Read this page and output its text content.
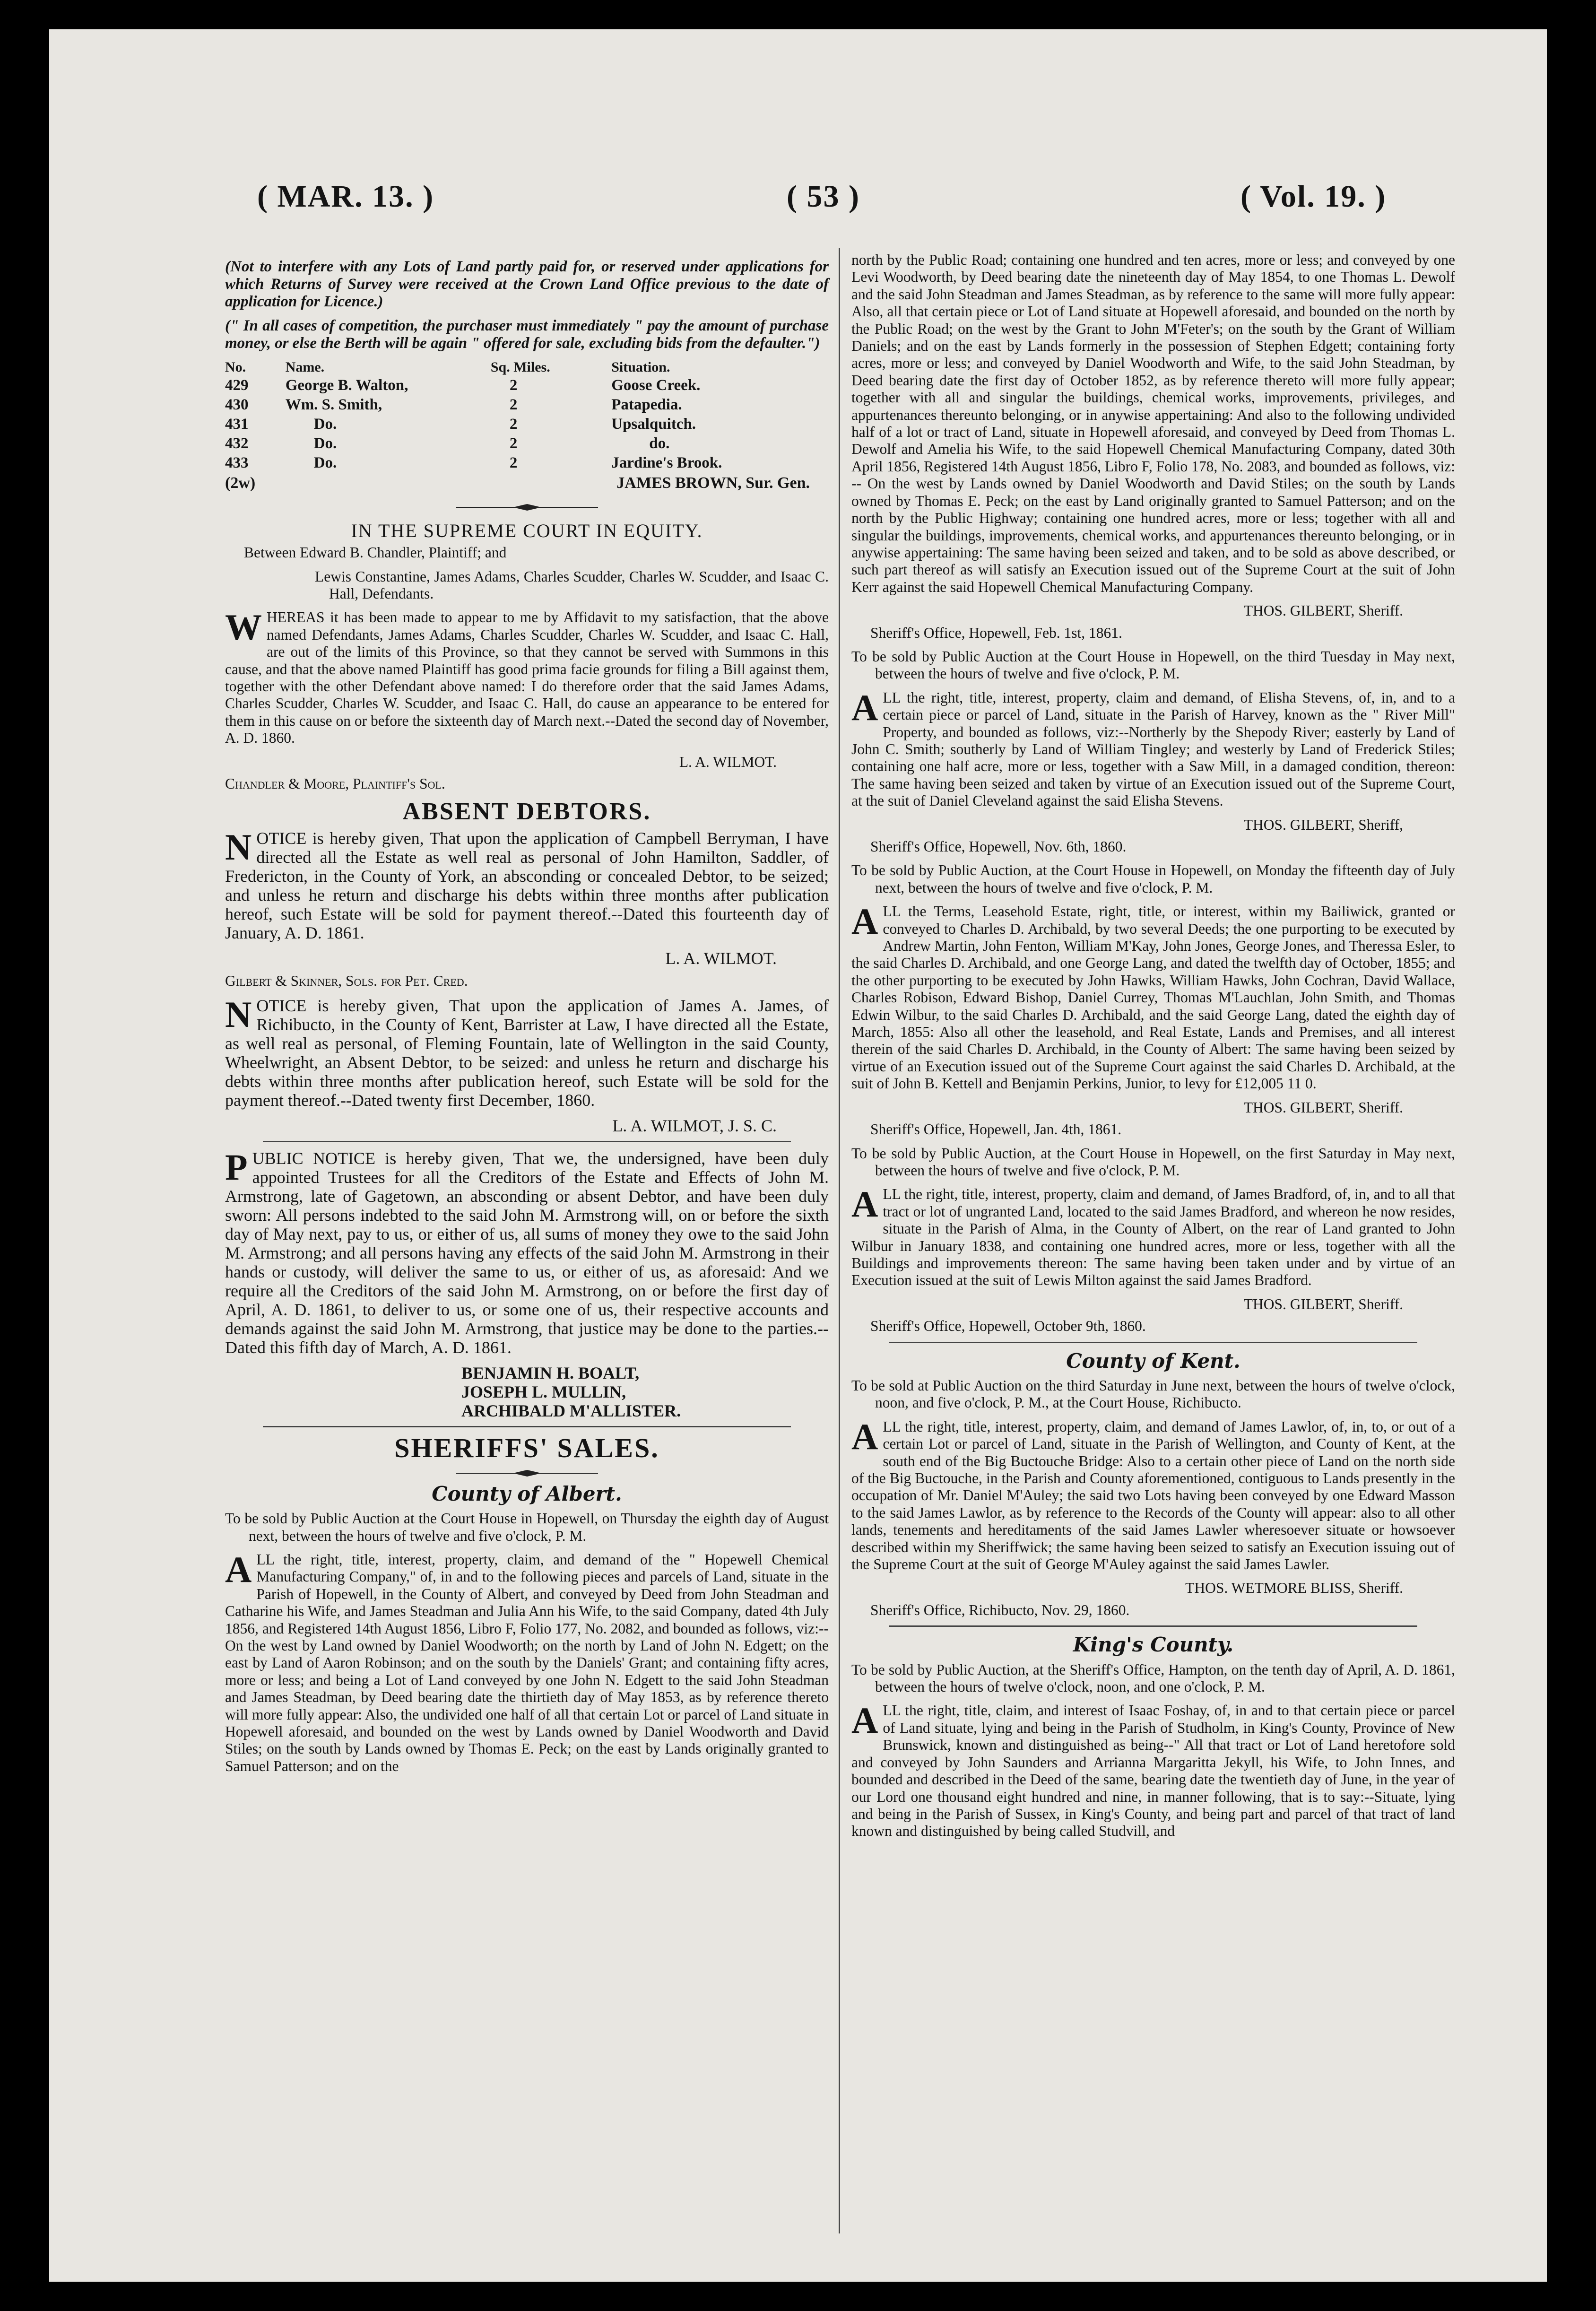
( MAR. 13. )	( 53 )	( Vol. 19. )

(Not to interfere with any Lots of Land partly paid for, or reserved under applications for which Returns of Survey were received at the Crown Land Office previous to the date of application for Licence.)

(" In all cases of competition, the purchaser must immediately " pay the amount of purchase money, or else the Berth will be again " offered for sale, excluding bids from the defaulter.")

No.	Name.	Sq. Miles.	Situation.
429	George B. Walton,	2	Goose Creek.
430	Wm. S. Smith,	2	Patapedia.
431	Do.	2	Upsalquitch.
432	Do.	2	do.
433	Do.	2	Jardine's Brook.

(2w)	JAMES BROWN, Sur. Gen.

IN THE SUPREME COURT IN EQUITY.

Between Edward B. Chandler, Plaintiff; and

Lewis Constantine, James Adams, Charles Scudder, Charles W. Scudder, and Isaac C. Hall, Defendants.

WHEREAS it has been made to appear to me by Affidavit to my satisfaction, that the above named Defendants, James Adams, Charles Scudder, Charles W. Scudder, and Isaac C. Hall, are out of the limits of this Province, so that they cannot be served with Summons in this cause, and that the above named Plaintiff has good prima facie grounds for filing a Bill against them, together with the other Defendant above named: I do therefore order that the said James Adams, Charles Scudder, Charles W. Scudder, and Isaac C. Hall, do cause an appearance to be entered for them in this cause on or before the sixteenth day of March next.--Dated the second day of November, A. D. 1860.

L. A. WILMOT.

Chandler & Moore, Plaintiff's Sol.

ABSENT DEBTORS.

NOTICE is hereby given, That upon the application of Campbell Berryman, I have directed all the Estate as well real as personal of John Hamilton, Saddler, of Fredericton, in the County of York, an absconding or concealed Debtor, to be seized; and unless he return and discharge his debts within three months after publication hereof, such Estate will be sold for payment thereof.--Dated this fourteenth day of January, A. D. 1861.

L. A. WILMOT.

Gilbert & Skinner, Sols. for Pet. Cred.

NOTICE is hereby given, That upon the application of James A. James, of Richibucto, in the County of Kent, Barrister at Law, I have directed all the Estate, as well real as personal, of Fleming Fountain, late of Wellington in the said County, Wheelwright, an Absent Debtor, to be seized: and unless he return and discharge his debts within three months after publication hereof, such Estate will be sold for the payment thereof.--Dated twenty first December, 1860.

L. A. WILMOT, J. S. C.

PUBLIC NOTICE is hereby given, That we, the undersigned, have been duly appointed Trustees for all the Creditors of the Estate and Effects of John M. Armstrong, late of Gagetown, an absconding or absent Debtor, and have been duly sworn: All persons indebted to the said John M. Armstrong will, on or before the sixth day of May next, pay to us, or either of us, all sums of money they owe to the said John M. Armstrong; and all persons having any effects of the said John M. Armstrong in their hands or custody, will deliver the same to us, or either of us, as aforesaid: And we require all the Creditors of the said John M. Armstrong, on or before the first day of April, A. D. 1861, to deliver to us, or some one of us, their respective accounts and demands against the said John M. Armstrong, that justice may be done to the parties.--Dated this fifth day of March, A. D. 1861.

BENJAMIN H. BOALT,
JOSEPH L. MULLIN,
ARCHIBALD M'ALLISTER.
SHERIFFS' SALES.
County of Albert.

To be sold by Public Auction at the Court House in Hopewell, on Thursday the eighth day of August next, between the hours of twelve and five o'clock, P. M.

ALL the right, title, interest, property, claim, and demand of the " Hopewell Chemical Manufacturing Company," of, in and to the following pieces and parcels of Land, situate in the Parish of Hopewell, in the County of Albert, and conveyed by Deed from John Steadman and Catharine his Wife, and James Steadman and Julia Ann his Wife, to the said Company, dated 4th July 1856, and Registered 14th August 1856, Libro F, Folio 177, No. 2082, and bounded as follows, viz:--On the west by Land owned by Daniel Woodworth; on the north by Land of John N. Edgett; on the east by Land of Aaron Robinson; and on the south by the Daniels' Grant; and containing fifty acres, more or less; and being a Lot of Land conveyed by one John N. Edgett to the said John Steadman and James Steadman, by Deed bearing date the thirtieth day of May 1853, as by reference thereto will more fully appear: Also, the undivided one half of all that certain Lot or parcel of Land situate in Hopewell aforesaid, and bounded on the west by Lands owned by Daniel Woodworth and David Stiles; on the south by Lands owned by Thomas E. Peck; on the east by Lands originally granted to Samuel Patterson; and on the

north by the Public Road; containing one hundred and ten acres, more or less; and conveyed by one Levi Woodworth, by Deed bearing date the nineteenth day of May 1854, to one Thomas L. Dewolf and the said John Steadman and James Steadman, as by reference to the same will more fully appear: Also, all that certain piece or Lot of Land situate at Hopewell aforesaid, and bounded on the north by the Public Road; on the west by the Grant to John M'Feter's; on the south by the Grant of William Daniels; and on the east by Lands formerly in the possession of Stephen Edgett; containing forty acres, more or less; and conveyed by Daniel Woodworth and Wife, to the said John Steadman, by Deed bearing date the first day of October 1852, as by reference thereto will more fully appear; together with all and singular the buildings, chemical works, improvements, privileges, and appurtenances thereunto belonging, or in anywise appertaining: And also to the following undivided half of a lot or tract of Land, situate in Hopewell aforesaid, and conveyed by Deed from Thomas L. Dewolf and Amelia his Wife, to the said Hopewell Chemical Manufacturing Company, dated 30th April 1856, Registered 14th August 1856, Libro F, Folio 178, No. 2083, and bounded as follows, viz: -- On the west by Lands owned by Daniel Woodworth and David Stiles; on the south by Lands owned by Thomas E. Peck; on the east by Land originally granted to Samuel Patterson; and on the north by the Public Highway; containing one hundred acres, more or less; together with all and singular the buildings, improvements, chemical works, and appurtenances thereunto belonging, or in anywise appertaining: The same having been seized and taken, and to be sold as above described, or such part thereof as will satisfy an Execution issued out of the Supreme Court at the suit of John Kerr against the said Hopewell Chemical Manufacturing Company.

THOS. GILBERT, Sheriff.

Sheriff's Office, Hopewell, Feb. 1st, 1861.

To be sold by Public Auction at the Court House in Hopewell, on the third Tuesday in May next, between the hours of twelve and five o'clock, P. M.

ALL the right, title, interest, property, claim and demand, of Elisha Stevens, of, in, and to a certain piece or parcel of Land, situate in the Parish of Harvey, known as the " River Mill" Property, and bounded as follows, viz:--Northerly by the Shepody River; easterly by Land of John C. Smith; southerly by Land of William Tingley; and westerly by Land of Frederick Stiles; containing one half acre, more or less, together with a Saw Mill, in a damaged condition, thereon: The same having been seized and taken by virtue of an Execution issued out of the Supreme Court, at the suit of Daniel Cleveland against the said Elisha Stevens.

THOS. GILBERT, Sheriff,

Sheriff's Office, Hopewell, Nov. 6th, 1860.

To be sold by Public Auction, at the Court House in Hopewell, on Monday the fifteenth day of July next, between the hours of twelve and five o'clock, P. M.

ALL the Terms, Leasehold Estate, right, title, or interest, within my Bailiwick, granted or conveyed to Charles D. Archibald, by two several Deeds; the one purporting to be executed by Andrew Martin, John Fenton, William M'Kay, John Jones, George Jones, and Theressa Esler, to the said Charles D. Archibald, and one George Lang, and dated the twelfth day of October, 1855; and the other purporting to be executed by John Hawks, William Hawks, John Cochran, David Wallace, Charles Robison, Edward Bishop, Daniel Currey, Thomas M'Lauchlan, John Smith, and Thomas Edwin Wilbur, to the said Charles D. Archibald, and the said George Lang, dated the eighth day of March, 1855: Also all other the leasehold, and Real Estate, Lands and Premises, and all interest therein of the said Charles D. Archibald, in the County of Albert: The same having been seized by virtue of an Execution issued out of the Supreme Court against the said Charles D. Archibald, at the suit of John B. Kettell and Benjamin Perkins, Junior, to levy for £12,005 11 0.

THOS. GILBERT, Sheriff.

Sheriff's Office, Hopewell, Jan. 4th, 1861.

To be sold by Public Auction, at the Court House in Hopewell, on the first Saturday in May next, between the hours of twelve and five o'clock, P. M.

ALL the right, title, interest, property, claim and demand, of James Bradford, of, in, and to all that tract or lot of ungranted Land, located to the said James Bradford, and whereon he now resides, situate in the Parish of Alma, in the County of Albert, on the rear of Land granted to John Wilbur in January 1838, and containing one hundred acres, more or less, together with all the Buildings and improvements thereon: The same having been taken under and by virtue of an Execution issued at the suit of Lewis Milton against the said James Bradford.

THOS. GILBERT, Sheriff.

Sheriff's Office, Hopewell, October 9th, 1860.

County of Kent.

To be sold at Public Auction on the third Saturday in June next, between the hours of twelve o'clock, noon, and five o'clock, P. M., at the Court House, Richibucto.

ALL the right, title, interest, property, claim, and demand of James Lawlor, of, in, to, or out of a certain Lot or parcel of Land, situate in the Parish of Wellington, and County of Kent, at the south end of the Big Buctouche Bridge: Also to a certain other piece of Land on the north side of the Big Buctouche, in the Parish and County aforementioned, contiguous to Lands presently in the occupation of Mr. Daniel M'Auley; the said two Lots having been conveyed by one Edward Masson to the said James Lawlor, as by reference to the Records of the County will appear: also to all other lands, tenements and hereditaments of the said James Lawler wheresoever situate or howsoever described within my Sheriffwick; the same having been seized to satisfy an Execution issuing out of the Supreme Court at the suit of George M'Auley against the said James Lawler.

THOS. WETMORE BLISS, Sheriff.

Sheriff's Office, Richibucto, Nov. 29, 1860.

King's County.

To be sold by Public Auction, at the Sheriff's Office, Hampton, on the tenth day of April, A. D. 1861, between the hours of twelve o'clock, noon, and one o'clock, P. M.

ALL the right, title, claim, and interest of Isaac Foshay, of, in and to that certain piece or parcel of Land situate, lying and being in the Parish of Studholm, in King's County, Province of New Brunswick, known and distinguished as being--" All that tract or Lot of Land heretofore sold and conveyed by John Saunders and Arrianna Margaritta Jekyll, his Wife, to John Innes, and bounded and described in the Deed of the same, bearing date the twentieth day of June, in the year of our Lord one thousand eight hundred and nine, in manner following, that is to say:--Situate, lying and being in the Parish of Sussex, in King's County, and being part and parcel of that tract of land known and distinguished by being called Studvill, and
